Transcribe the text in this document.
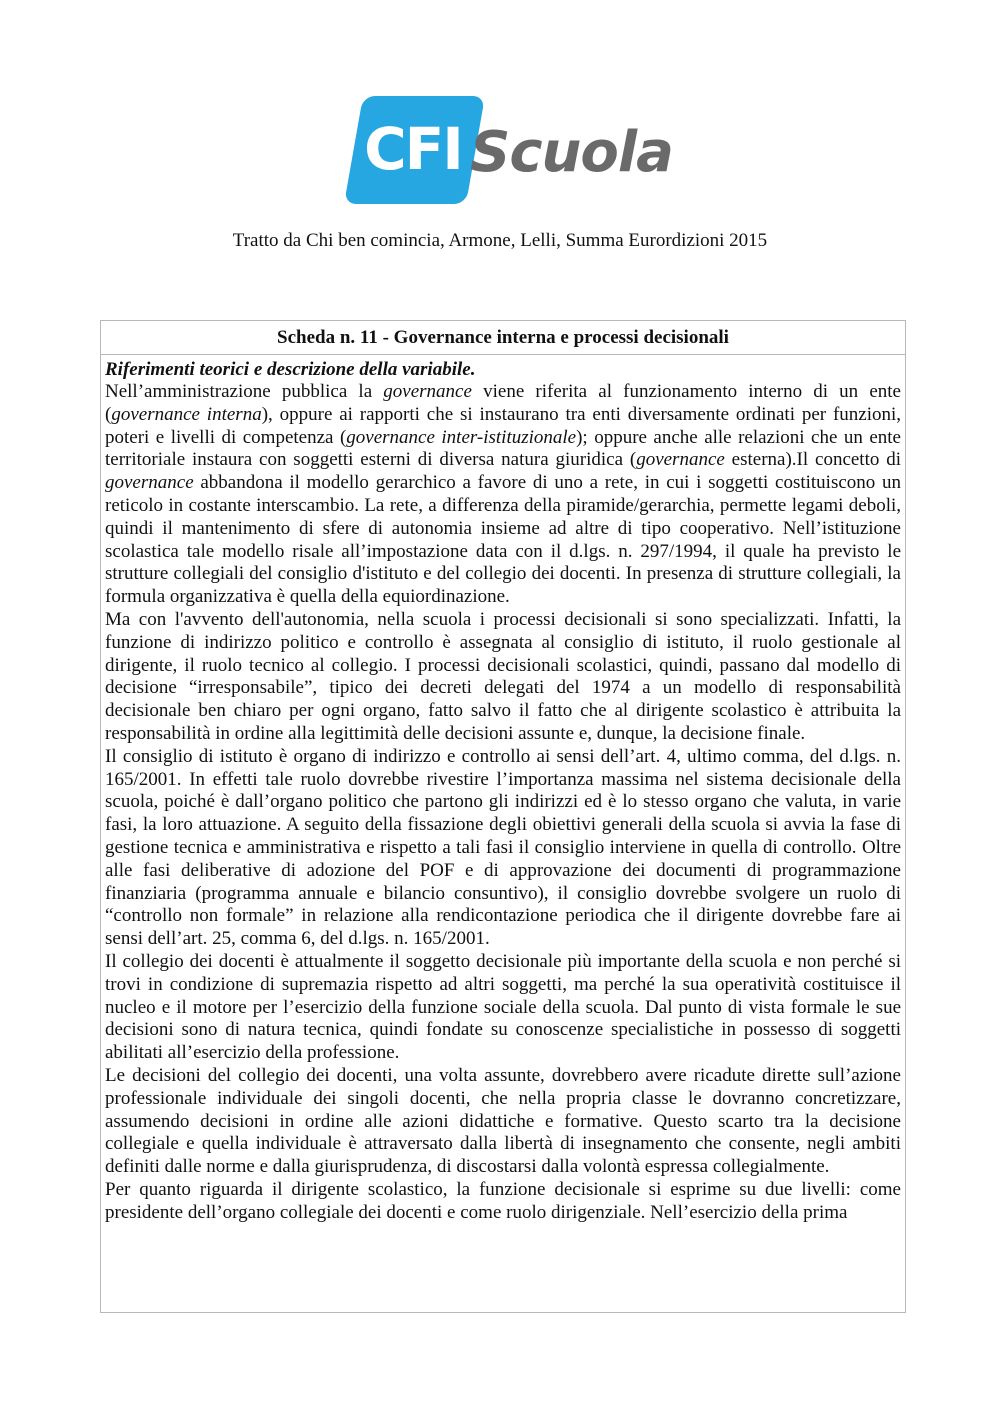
CFI Scuola
Tratto da Chi ben comincia, Armone, Lelli, Summa Eurordizioni 2015
Scheda n. 11 - Governance interna e processi decisionali
Riferimenti teorici e descrizione della variabile.

Nell’amministrazione pubblica la governance viene riferita al funzionamento interno di un ente (governance interna), oppure ai rapporti che si instaurano tra enti diversamente ordinati per funzioni, poteri e livelli di competenza (governance inter-istituzionale); oppure anche alle relazioni che un ente territoriale instaura con soggetti esterni di diversa natura giuridica (governance esterna).Il concetto di governance abbandona il modello gerarchico a favore di uno a rete, in cui i soggetti costituiscono un reticolo in costante interscambio. La rete, a differenza della piramide/gerarchia, permette legami deboli, quindi il mantenimento di sfere di autonomia insieme ad altre di tipo cooperativo. Nell’istituzione scolastica tale modello risale all’impostazione data con il d.lgs. n. 297/1994, il quale ha previsto le strutture collegiali del consiglio d'istituto e del collegio dei docenti. In presenza di strutture collegiali, la formula organizzativa è quella della equiordinazione.

Ma con l'avvento dell'autonomia, nella scuola i processi decisionali si sono specializzati. Infatti, la funzione di indirizzo politico e controllo è assegnata al consiglio di istituto, il ruolo gestionale al dirigente, il ruolo tecnico al collegio. I processi decisionali scolastici, quindi, passano dal modello di decisione “irresponsabile”, tipico dei decreti delegati del 1974 a un modello di responsabilità decisionale ben chiaro per ogni organo, fatto salvo il fatto che al dirigente scolastico è attribuita la responsabilità in ordine alla legittimità delle decisioni assunte e, dunque, la decisione finale.

Il consiglio di istituto è organo di indirizzo e controllo ai sensi dell’art. 4, ultimo comma, del d.lgs. n. 165/2001. In effetti tale ruolo dovrebbe rivestire l’importanza massima nel sistema decisionale della scuola, poiché è dall’organo politico che partono gli indirizzi ed è lo stesso organo che valuta, in varie fasi, la loro attuazione. A seguito della fissazione degli obiettivi generali della scuola si avvia la fase di gestione tecnica e amministrativa e rispetto a tali fasi il consiglio interviene in quella di controllo. Oltre alle fasi deliberative di adozione del POF e di approvazione dei documenti di programmazione finanziaria (programma annuale e bilancio consuntivo), il consiglio dovrebbe svolgere un ruolo di “controllo non formale” in relazione alla rendicontazione periodica che il dirigente dovrebbe fare ai sensi dell’art. 25, comma 6, del d.lgs. n. 165/2001.

Il collegio dei docenti è attualmente il soggetto decisionale più importante della scuola e non perché si trovi in condizione di supremazia rispetto ad altri soggetti, ma perché la sua operatività costituisce il nucleo e il motore per l’esercizio della funzione sociale della scuola. Dal punto di vista formale le sue decisioni sono di natura tecnica, quindi fondate su conoscenze specialistiche in possesso di soggetti abilitati all’esercizio della professione.

Le decisioni del collegio dei docenti, una volta assunte, dovrebbero avere ricadute dirette sull’azione professionale individuale dei singoli docenti, che nella propria classe le dovranno concretizzare, assumendo decisioni in ordine alle azioni didattiche e formative. Questo scarto tra la decisione collegiale e quella individuale è attraversato dalla libertà di insegnamento che consente, negli ambiti definiti dalle norme e dalla giurisprudenza, di discostarsi dalla volontà espressa collegialmente.

Per quanto riguarda il dirigente scolastico, la funzione decisionale si esprime su due livelli: come presidente dell’organo collegiale dei docenti e come ruolo dirigenziale. Nell’esercizio della prima
